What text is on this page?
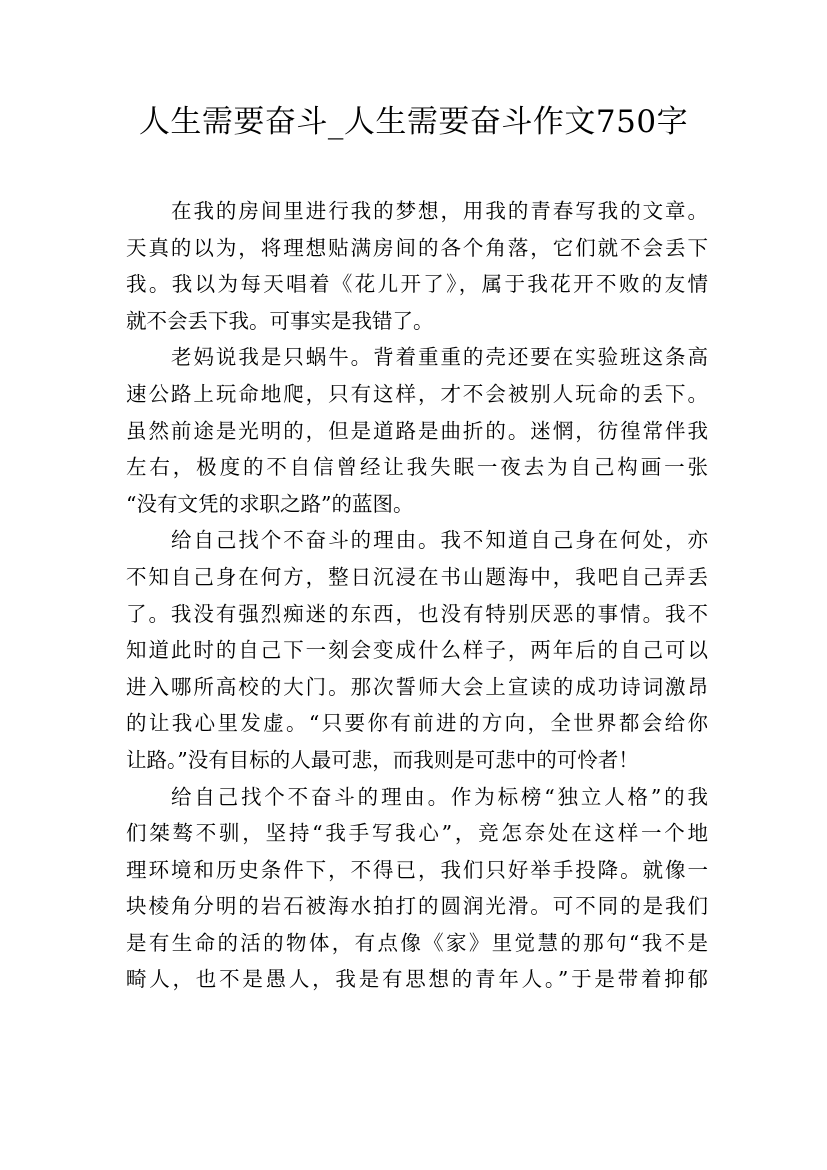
人生需要奋斗_人生需要奋斗作文750字
在我的房间里进行我的梦想，用我的青春写我的文章。
天真的以为，将理想贴满房间的各个角落，它们就不会丢下
我。我以为每天唱着《花儿开了》，属于我花开不败的友情
就不会丢下我。可事实是我错了。
老妈说我是只蜗牛。背着重重的壳还要在实验班这条高
速公路上玩命地爬，只有这样，才不会被别人玩命的丢下。
虽然前途是光明的，但是道路是曲折的。迷惘，彷徨常伴我
左右，极度的不自信曾经让我失眠一夜去为自己构画一张
“没有文凭的求职之路”的蓝图。
给自己找个不奋斗的理由。我不知道自己身在何处，亦
不知自己身在何方，整日沉浸在书山题海中，我吧自己弄丢
了。我没有强烈痴迷的东西，也没有特别厌恶的事情。我不
知道此时的自己下一刻会变成什么样子，两年后的自己可以
进入哪所高校的大门。那次誓师大会上宣读的成功诗词激昂
的让我心里发虚。“只要你有前进的方向，全世界都会给你
让路。”没有目标的人最可悲，而我则是可悲中的可怜者！
给自己找个不奋斗的理由。作为标榜“独立人格”的我
们桀骜不驯，坚持“我手写我心”，竞怎奈处在这样一个地
理环境和历史条件下，不得已，我们只好举手投降。就像一
块棱角分明的岩石被海水拍打的圆润光滑。可不同的是我们
是有生命的活的物体，有点像《家》里觉慧的那句“我不是
畸人，也不是愚人，我是有思想的青年人。”于是带着抑郁
